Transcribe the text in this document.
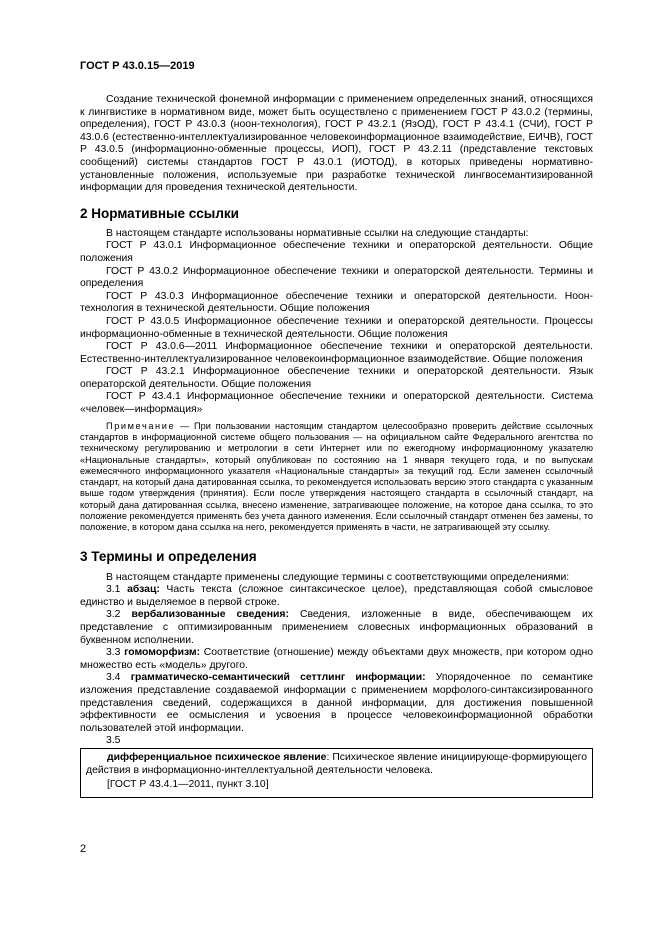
ГОСТ Р 43.0.15—2019

Создание технической фонемной информации с применением определенных знаний, относящихся к лингвистике в нормативном виде, может быть осуществлено с применением ГОСТ Р 43.0.2 (термины, определения), ГОСТ Р 43.0.3 (ноон-технология), ГОСТ Р 43.2.1 (ЯзОД), ГОСТ Р 43.4.1 (СЧИ), ГОСТ Р 43.0.6 (естественно-интеллектуализированное человекоинформационное взаимодействие, ЕИЧВ), ГОСТ Р 43.0.5 (информационно-обменные процессы, ИОП), ГОСТ Р 43.2.11 (представление текстовых сообщений) системы стандартов ГОСТ Р 43.0.1 (ИОТОД), в которых приведены нормативно-установленные положения, используемые при разработке технической лингвосемантизированной информации для проведения технической деятельности.

2 Нормативные ссылки

В настоящем стандарте использованы нормативные ссылки на следующие стандарты:

ГОСТ Р 43.0.1 Информационное обеспечение техники и операторской деятельности. Общие положения

ГОСТ Р 43.0.2 Информационное обеспечение техники и операторской деятельности. Термины и определения

ГОСТ Р 43.0.3 Информационное обеспечение техники и операторской деятельности. Ноон-технология в технической деятельности. Общие положения

ГОСТ Р 43.0.5 Информационное обеспечение техники и операторской деятельности. Процессы информационно-обменные в технической деятельности. Общие положения

ГОСТ Р 43.0.6—2011 Информационное обеспечение техники и операторской деятельности. Естественно-интеллектуализированное человекоинформационное взаимодействие. Общие положения

ГОСТ Р 43.2.1 Информационное обеспечение техники и операторской деятельности. Язык операторской деятельности. Общие положения

ГОСТ Р 43.4.1 Информационное обеспечение техники и операторской деятельности. Система «человек—информация»

Примечание — При пользовании настоящим стандартом целесообразно проверить действие ссылочных стандартов в информационной системе общего пользования — на официальном сайте Федерального агентства по техническому регулированию и метрологии в сети Интернет или по ежегодному информационному указателю «Национальные стандарты», который опубликован по состоянию на 1 января текущего года, и по выпускам ежемесячного информационного указателя «Национальные стандарты» за текущий год. Если заменен ссылочный стандарт, на который дана датированная ссылка, то рекомендуется использовать версию этого стандарта с указанным выше годом утверждения (принятия). Если после утверждения настоящего стандарта в ссылочный стандарт, на который дана датированная ссылка, внесено изменение, затрагивающее положение, на которое дана ссылка, то это положение рекомендуется применять без учета данного изменения. Если ссылочный стандарт отменен без замены, то положение, в котором дана ссылка на него, рекомендуется применять в части, не затрагивающей эту ссылку.

3 Термины и определения

В настоящем стандарте применены следующие термины с соответствующими определениями:

3.1 абзац: Часть текста (сложное синтаксическое целое), представляющая собой смысловое единство и выделяемое в первой строке.

3.2 вербализованные сведения: Сведения, изложенные в виде, обеспечивающем их представление с оптимизированным применением словесных информационных образований в буквенном исполнении.

3.3 гомоморфизм: Соответствие (отношение) между объектами двух множеств, при котором одно множество есть «модель» другого.

3.4 грамматическо-семантический сеттлинг информации: Упорядоченное по семантике изложения представление создаваемой информации с применением морфолого-синтаксизированного представления сведений, содержащихся в данной информации, для достижения повышенной эффективности ее осмысления и усвоения в процессе человекоинформационной обработки пользователей этой информации.

3.5

дифференциальное психическое явление: Психическое явление инициирующе-формирующего действия в информационно-интеллектуальной деятельности человека.

[ГОСТ Р 43.4.1—2011, пункт 3.10]

2
